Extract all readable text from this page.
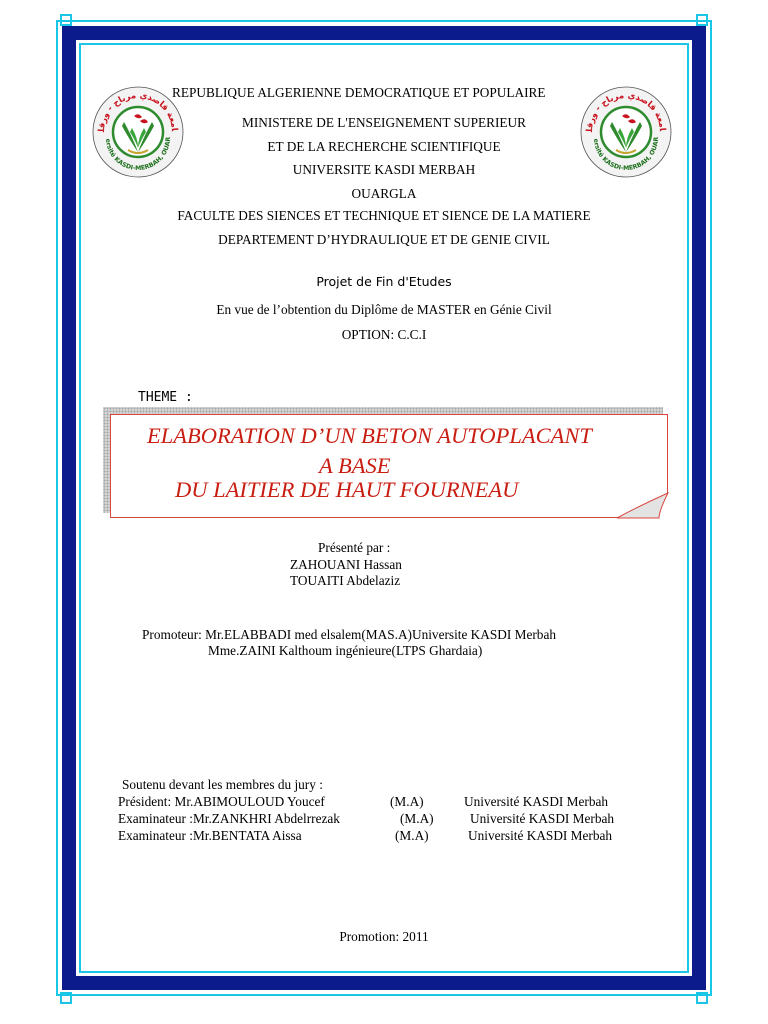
امعة قاصدي مرباح - ورقل
ersité KASDI-MERBAH, OUAR
امعة قاصدي مرباح - ورقل
ersité KASDI-MERBAH, OUAR
REPUBLIQUE ALGERIENNE DEMOCRATIQUE ET POPULAIRE
MINISTERE DE L'ENSEIGNEMENT SUPERIEUR
ET DE LA RECHERCHE SCIENTIFIQUE
UNIVERSITE KASDI MERBAH
OUARGLA
FACULTE DES SIENCES ET TECHNIQUE ET SIENCE DE LA MATIERE
DEPARTEMENT D’HYDRAULIQUE ET DE GENIE CIVIL
Projet de Fin d'Etudes
En vue de l’obtention du Diplôme de MASTER en Génie Civil
OPTION: C.C.I
THEME :
ELABORATION D’UN BETON AUTOPLACANT
A BASE
DU LAITIER DE HAUT FOURNEAU
Présenté par :
ZAHOUANI Hassan
TOUAITI Abdelaziz
Promoteur: Mr.ELABBADI med elsalem(MAS.A)Universite KASDI Merbah
Mme.ZAINI Kalthoum ingénieure(LTPS Ghardaia)
Soutenu devant les membres du jury :
Président: Mr.ABIMOULOUD Youcef	(M.A)	Université KASDI Merbah
Examinateur :Mr.ZANKHRI Abdelrrezak	(M.A)	Université KASDI Merbah
Examinateur :Mr.BENTATA Aissa	(M.A)	Université KASDI Merbah
Promotion: 2011
